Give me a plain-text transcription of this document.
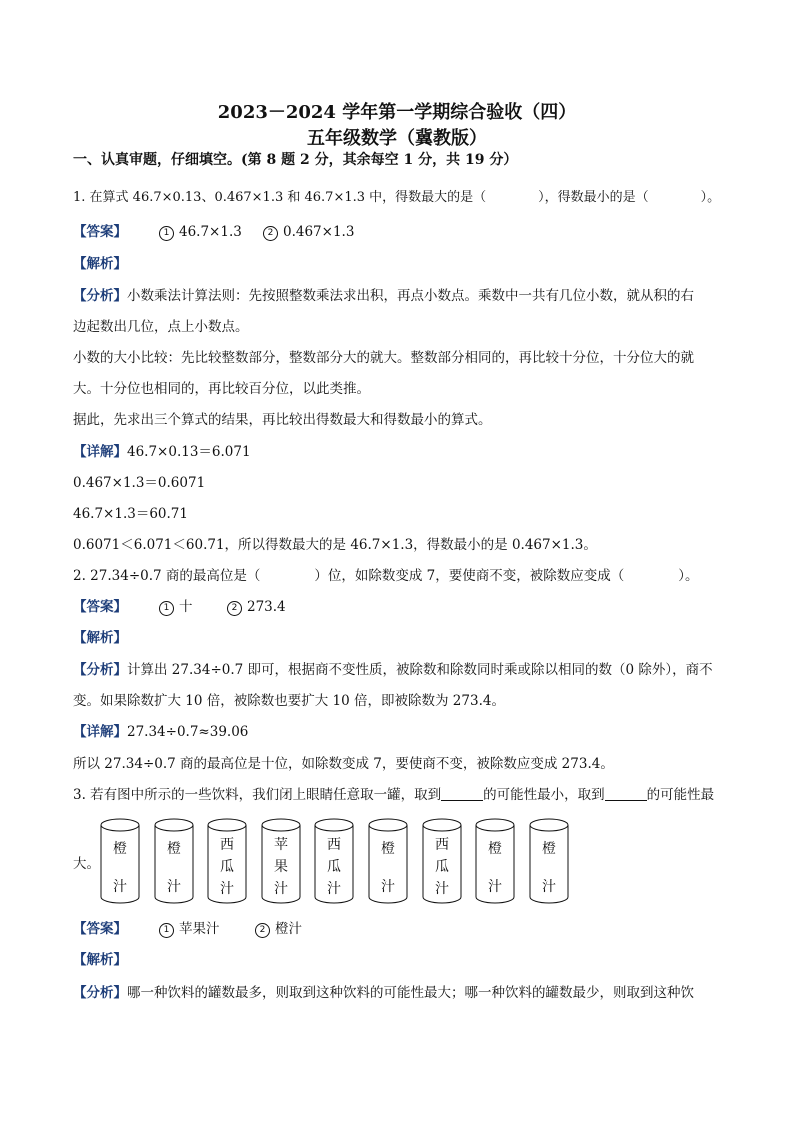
2023－2024 学年第一学期综合验收（四）
五年级数学（冀教版）
一、认真审题，仔细填空。(第 8 题 2 分，其余每空 1 分，共 19 分）
1. 在算式 46.7×0.13、0.467×1.3 和 46.7×1.3 中，得数最大的是（　　　　），得数最小的是（　　　　）。
【答案】	1 46.7×1.3	2 0.467×1.3
【解析】
【分析】小数乘法计算法则：先按照整数乘法求出积，再点小数点。乘数中一共有几位小数，就从积的右
边起数出几位，点上小数点。
小数的大小比较：先比较整数部分，整数部分大的就大。整数部分相同的，再比较十分位，十分位大的就
大。十分位也相同的，再比较百分位，以此类推。
据此，先求出三个算式的结果，再比较出得数最大和得数最小的算式。
【详解】46.7×0.13＝6.071
0.467×1.3＝0.6071
46.7×1.3＝60.71
0.6071＜6.071＜60.71，所以得数最大的是 46.7×1.3，得数最小的是 0.467×1.3。
2. 27.34÷0.7 商的最高位是（　　　　）位，如除数变成 7，要使商不变，被除数应变成（　　　　）。
【答案】	1 十	2 273.4
【解析】
【分析】计算出 27.34÷0.7 即可，根据商不变性质，被除数和除数同时乘或除以相同的数（0 除外），商不
变。如果除数扩大 10 倍，被除数也要扩大 10 倍，即被除数为 273.4。
【详解】27.34÷0.7≈39.06
所以 27.34÷0.7 商的最高位是十位，如除数变成 7，要使商不变，被除数应变成 273.4。
3. 若有图中所示的一些饮料，我们闭上眼睛任意取一罐，取到	的可能性最小，取到	的可能性最
大。
橙
汁
橙
汁
西
瓜
汁
苹
果
汁
西
瓜
汁
橙
汁
西
瓜
汁
橙
汁
橙
汁
【答案】	1 苹果汁	2 橙汁
【解析】
【分析】哪一种饮料的罐数最多，则取到这种饮料的可能性最大；哪一种饮料的罐数最少，则取到这种饮
